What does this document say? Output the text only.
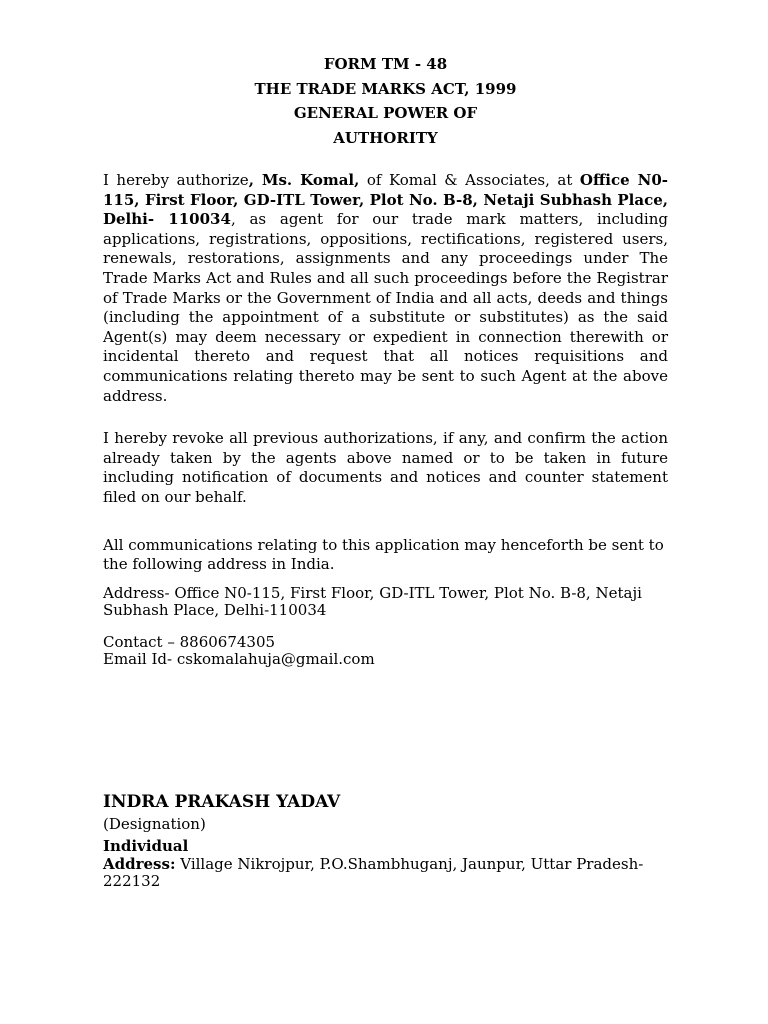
FORM TM - 48
THE TRADE MARKS ACT, 1999
GENERAL POWER OF
AUTHORITY

I hereby authorize, Ms. Komal, of Komal & Associates, at Office N0-115, First Floor, GD-ITL Tower, Plot No. B-8, Netaji Subhash Place, Delhi- 110034, as agent for our trade mark matters, including applications, registrations, oppositions, rectifications, registered users, renewals, restorations, assignments and any proceedings under The Trade Marks Act and Rules and all such proceedings before the Registrar of Trade Marks or the Government of India and all acts, deeds and things (including the appointment of a substitute or substitutes) as the said Agent(s) may deem necessary or expedient in connection therewith or incidental thereto and request that all notices requisitions and communications relating thereto may be sent to such Agent at the above address.

I hereby revoke all previous authorizations, if any, and confirm the action already taken by the agents above named or to be taken in future including notification of documents and notices and counter statement filed on our behalf.

All communications relating to this application may henceforth be sent to the following address in India.

Address- Office N0-115, First Floor, GD-ITL Tower, Plot No. B-8, Netaji Subhash Place, Delhi-110034
Contact – 8860674305
Email Id- cskomalahuja@gmail.com
INDRA PRAKASH YADAV
(Designation)
Individual
Address: Village Nikrojpur, P.O.Shambhuganj, Jaunpur, Uttar Pradesh-222132
